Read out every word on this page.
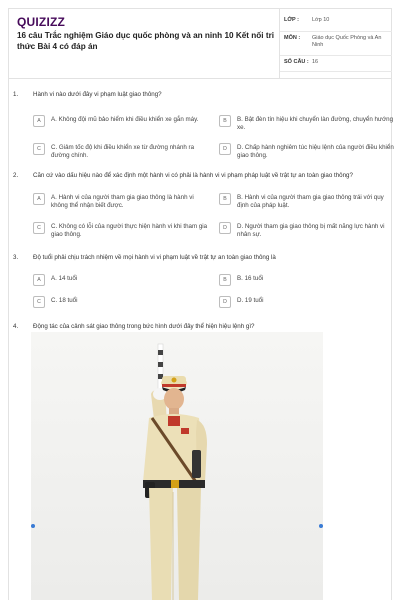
QUIZIZZ
16 câu Trắc nghiệm Giáo dục quốc phòng và an ninh 10 Kết nối tri thức Bài 4 có đáp án
LỚP :	Lớp 10
MÔN :	Giáo dục Quốc Phòng và An Ninh
SỐ CÂU : 16
1. Hành vi nào dưới đây vi phạm luật giao thông?
A	A. Không đội mũ bảo hiểm khi điều khiển xe gắn máy.	B	B. Bật đèn tín hiệu khi chuyển làn đường, chuyển hướng xe.
C	C. Giảm tốc độ khi điều khiển xe từ đường nhánh ra đường chính.
D	D. Chấp hành nghiêm túc hiệu lệnh của người điều khiển giao thông.
2. Căn cứ vào dấu hiệu nào để xác định một hành vi có phải là hành vi vi phạm pháp luật về trật tự an toàn giao thông?
A	A. Hành vi của người tham gia giao thông là hành vi không thể nhận biết được.
B	B. Hành vi của người tham gia giao thông trái với quy định của pháp luật.
C	C. Không có lỗi của người thực hiện hành vi khi tham gia giao thông.
D	D. Người tham gia giao thông bị mất năng lực hành vi nhân sự.
3. Độ tuổi phải chịu trách nhiệm về mọi hành vi vi phạm luật về trật tự an toàn giao thông là
A	A. 14 tuổi	B	B. 16 tuổi
C	C. 18 tuổi	D	D. 19 tuổi
4. Động tác của cảnh sát giao thông trong bức hình dưới đây thể hiện hiệu lệnh gì?
